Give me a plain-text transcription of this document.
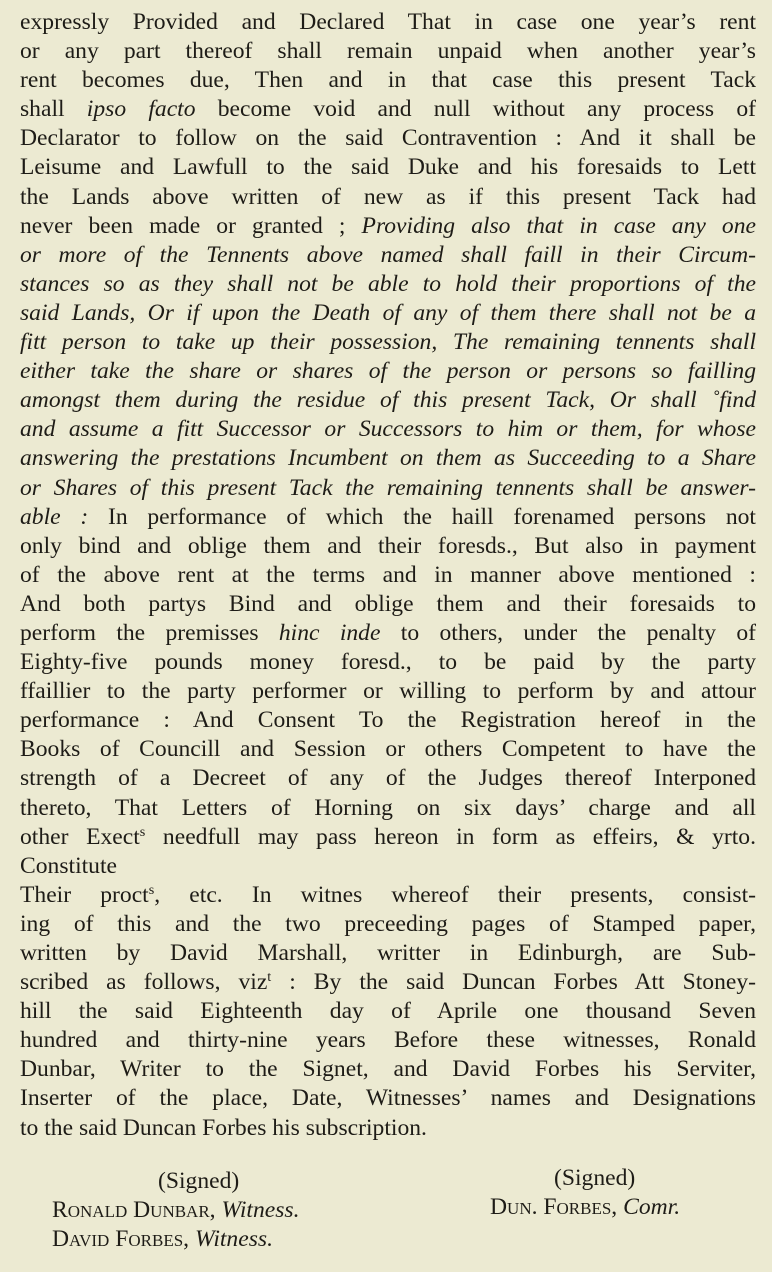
expressly Provided and Declared That in case one year’s rent
or any part thereof shall remain unpaid when another year’s
rent becomes due, Then and in that case this present Tack
shall ipso facto become void and null without any process of
Declarator to follow on the said Contravention : And it shall be
Leisume and Lawfull to the said Duke and his foresaids to Lett
the Lands above written of new as if this present Tack had
never been made or granted ; Providing also that in case any one
or more of the Tennents above named shall faill in their Circum-
stances so as they shall not be able to hold their proportions of the
said Lands, Or if upon the Death of any of them there shall not be a
fitt person to take up their possession, The remaining tennents shall
either take the share or shares of the person or persons so failling
amongst them during the residue of this present Tack, Or shall ˚find
and assume a fitt Successor or Successors to him or them, for whose
answering the prestations Incumbent on them as Succeeding to a Share
or Shares of this present Tack the remaining tennents shall be answer-
able : In performance of which the haill forenamed persons not
only bind and oblige them and their foresds., But also in payment
of the above rent at the terms and in manner above mentioned :
And both partys Bind and oblige them and their foresaids to
perform the premisses hinc inde to others, under the penalty of
Eighty-five pounds money foresd., to be paid by the party
ffaillier to the party performer or willing to perform by and attour
performance : And Consent To the Registration hereof in the
Books of Councill and Session or others Competent to have the
strength of a Decreet of any of the Judges thereof Interponed
thereto, That Letters of Horning on six days’ charge and all
other Exect$^s$ needfull may pass hereon in form as effeirs, & yrto.
Constitute
Their proct$^s$, etc. In witnes whereof their presents, consist-
ing of this and the two preceeding pages of Stamped paper,
written by David Marshall, writter in Edinburgh, are Sub-
scribed as follows, viz$^t$ : By the said Duncan Forbes Att Stoney-
hill the said Eighteenth day of Aprile one thousand Seven
hundred and thirty-nine years Before these witnesses, Ronald
Dunbar, Writer to the Signet, and David Forbes his Serviter,
Inserter of the place, Date, Witnesses’ names and Designations
to the said Duncan Forbes his subscription.
(Signed)
Ronald Dunbar, Witness.
David Forbes, Witness.
(Signed)
Dun. Forbes, Comr.
